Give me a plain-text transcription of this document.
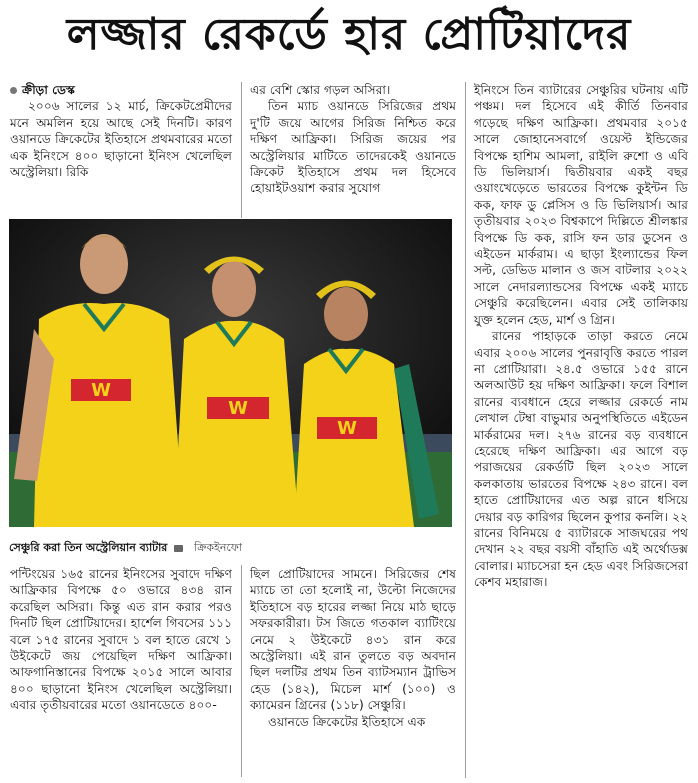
লজ্জার রেকর্ডে হার প্রোটিয়াদের
ক্রীড়া ডেস্ক

২০০৬ সালের ১২ মার্চ, ক্রিকেটপ্রেমীদের মনে অমলিন হয়ে আছে সেই দিনটি। কারণ ওয়ানডে ক্রিকেটের ইতিহাসে প্রথমবারের মতো এক ইনিংসে ৪০০ ছাড়ানো ইনিংস খেলেছিল অস্ট্রেলিয়া। রিকি

এর বেশি স্কোর গড়ল অসিরা।

তিন ম্যাচ ওয়ানডে সিরিজের প্রথম দু'টি জয়ে আগের সিরিজ নিশ্চিত করে দক্ষিণ আফ্রিকা। সিরিজ জয়ের পর অস্ট্রেলিয়ার মাটিতে তাদেরকেই ওয়ানডে ক্রিকেট ইতিহাসে প্রথম দল হিসেবে হোয়াইটওয়াশ করার সুযোগ

ইনিংসে তিন ব্যাটারের সেঞ্চুরির ঘটনায় এটি পঞ্চম। দল হিসেবে এই কীর্তি তিনবার গড়েছে দক্ষিণ আফ্রিকা। প্রথমবার ২০১৫ সালে জোহানেসবার্গে ওয়েস্ট ইন্ডিজের বিপক্ষে হাশিম আমলা, রাইলি রুশো ও এবি ডি ভিলিয়ার্স। দ্বিতীয়বার একই বছর ওয়াংখেড়েতে ভারতের বিপক্ষে কুইন্টন ডি কক, ফাফ ডু প্লেসিস ও ডি ভিলিয়ার্স। আর তৃতীয়বার ২০২৩ বিশ্বকাপে দিল্লিতে শ্রীলঙ্কার বিপক্ষে ডি কক, রাসি ফন ডার ডুসেন ও এইডেন মার্করাম। এ ছাড়া ইংল্যান্ডের ফিল সল্ট, ডেভিড মালান ও জস বাটলার ২০২২ সালে নেদারল্যান্ডসের বিপক্ষে একই ম্যাচে সেঞ্চুরি করেছিলেন। এবার সেই তালিকায় যুক্ত হলেন হেড, মার্শ ও গ্রিন।

রানের পাহাড়কে তাড়া করতে নেমে এবার ২০০৬ সালের পুনরাবৃত্তি করতে পারল না প্রোটিয়ারা। ২৪.৫ ওভারে ১৫৫ রানে অলআউট হয় দক্ষিণ আফ্রিকা। ফলে বিশাল রানের ব্যবধানে হেরে লজ্জার রেকর্ডে নাম লেখাল টেম্বা বাভুমার অনুপস্থিতিতে এইডেন মার্করামের দল। ২৭৬ রানের বড় ব্যবধানে হেরেছে দক্ষিণ আফ্রিকা। এর আগে বড় পরাজয়ের রেকর্ডটি ছিল ২০২৩ সালে কলকাতায় ভারতের বিপক্ষে ২৪৩ রানে। বল হাতে প্রোটিয়াদের এত অল্প রানে ধসিয়ে দেয়ার বড় কারিগর ছিলেন কুপার কনলি। ২২ রানের বিনিময়ে ৫ ব্যাটারকে সাজঘরের পথ দেখান ২২ বছর বয়সী বাঁহাতি এই অর্থোডক্স বোলার। ম্যাচসেরা হন হেড এবং সিরিজসেরা কেশব মহারাজ।

W
W
W
সেঞ্চুরি করা তিন অস্ট্রেলিয়ান ব্যাটার ক্রিকইনফো

পন্টিংয়ের ১৬৫ রানের ইনিংসের সুবাদে দক্ষিণ আফ্রিকার বিপক্ষে ৫০ ওভারে ৪৩৪ রান করেছিল অসিরা। কিন্তু এত রান করার পরও দিনটি ছিল প্রোটিয়াদের। হার্শেল গিবসের ১১১ বলে ১৭৫ রানের সুবাদে ১ বল হাতে রেখে ১ উইকেটে জয় পেয়েছিল দক্ষিণ আফ্রিকা। আফগানিস্তানের বিপক্ষে ২০১৫ সালে আবার ৪০০ ছাড়ানো ইনিংস খেলেছিল অস্ট্রেলিয়া। এবার তৃতীয়বারের মতো ওয়ানডেতে ৪০০-

ছিল প্রোটিয়াদের সামনে। সিরিজের শেষ ম্যাচে তা তো হলোই না, উল্টো নিজেদের ইতিহাসে বড় হারের লজ্জা নিয়ে মাঠ ছাড়ে সফরকারীরা। টস জিতে গতকাল ব্যাটিংয়ে নেমে ২ উইকেটে ৪৩১ রান করে অস্ট্রেলিয়া। এই রান তুলতে বড় অবদান ছিল দলটির প্রথম তিন ব্যাটসম্যান ট্রাভিস হেড (১৪২), মিচেল মার্শ (১০০) ও ক্যামেরন গ্রিনের (১১৮) সেঞ্চুরি।

ওয়ানডে ক্রিকেটের ইতিহাসে এক
